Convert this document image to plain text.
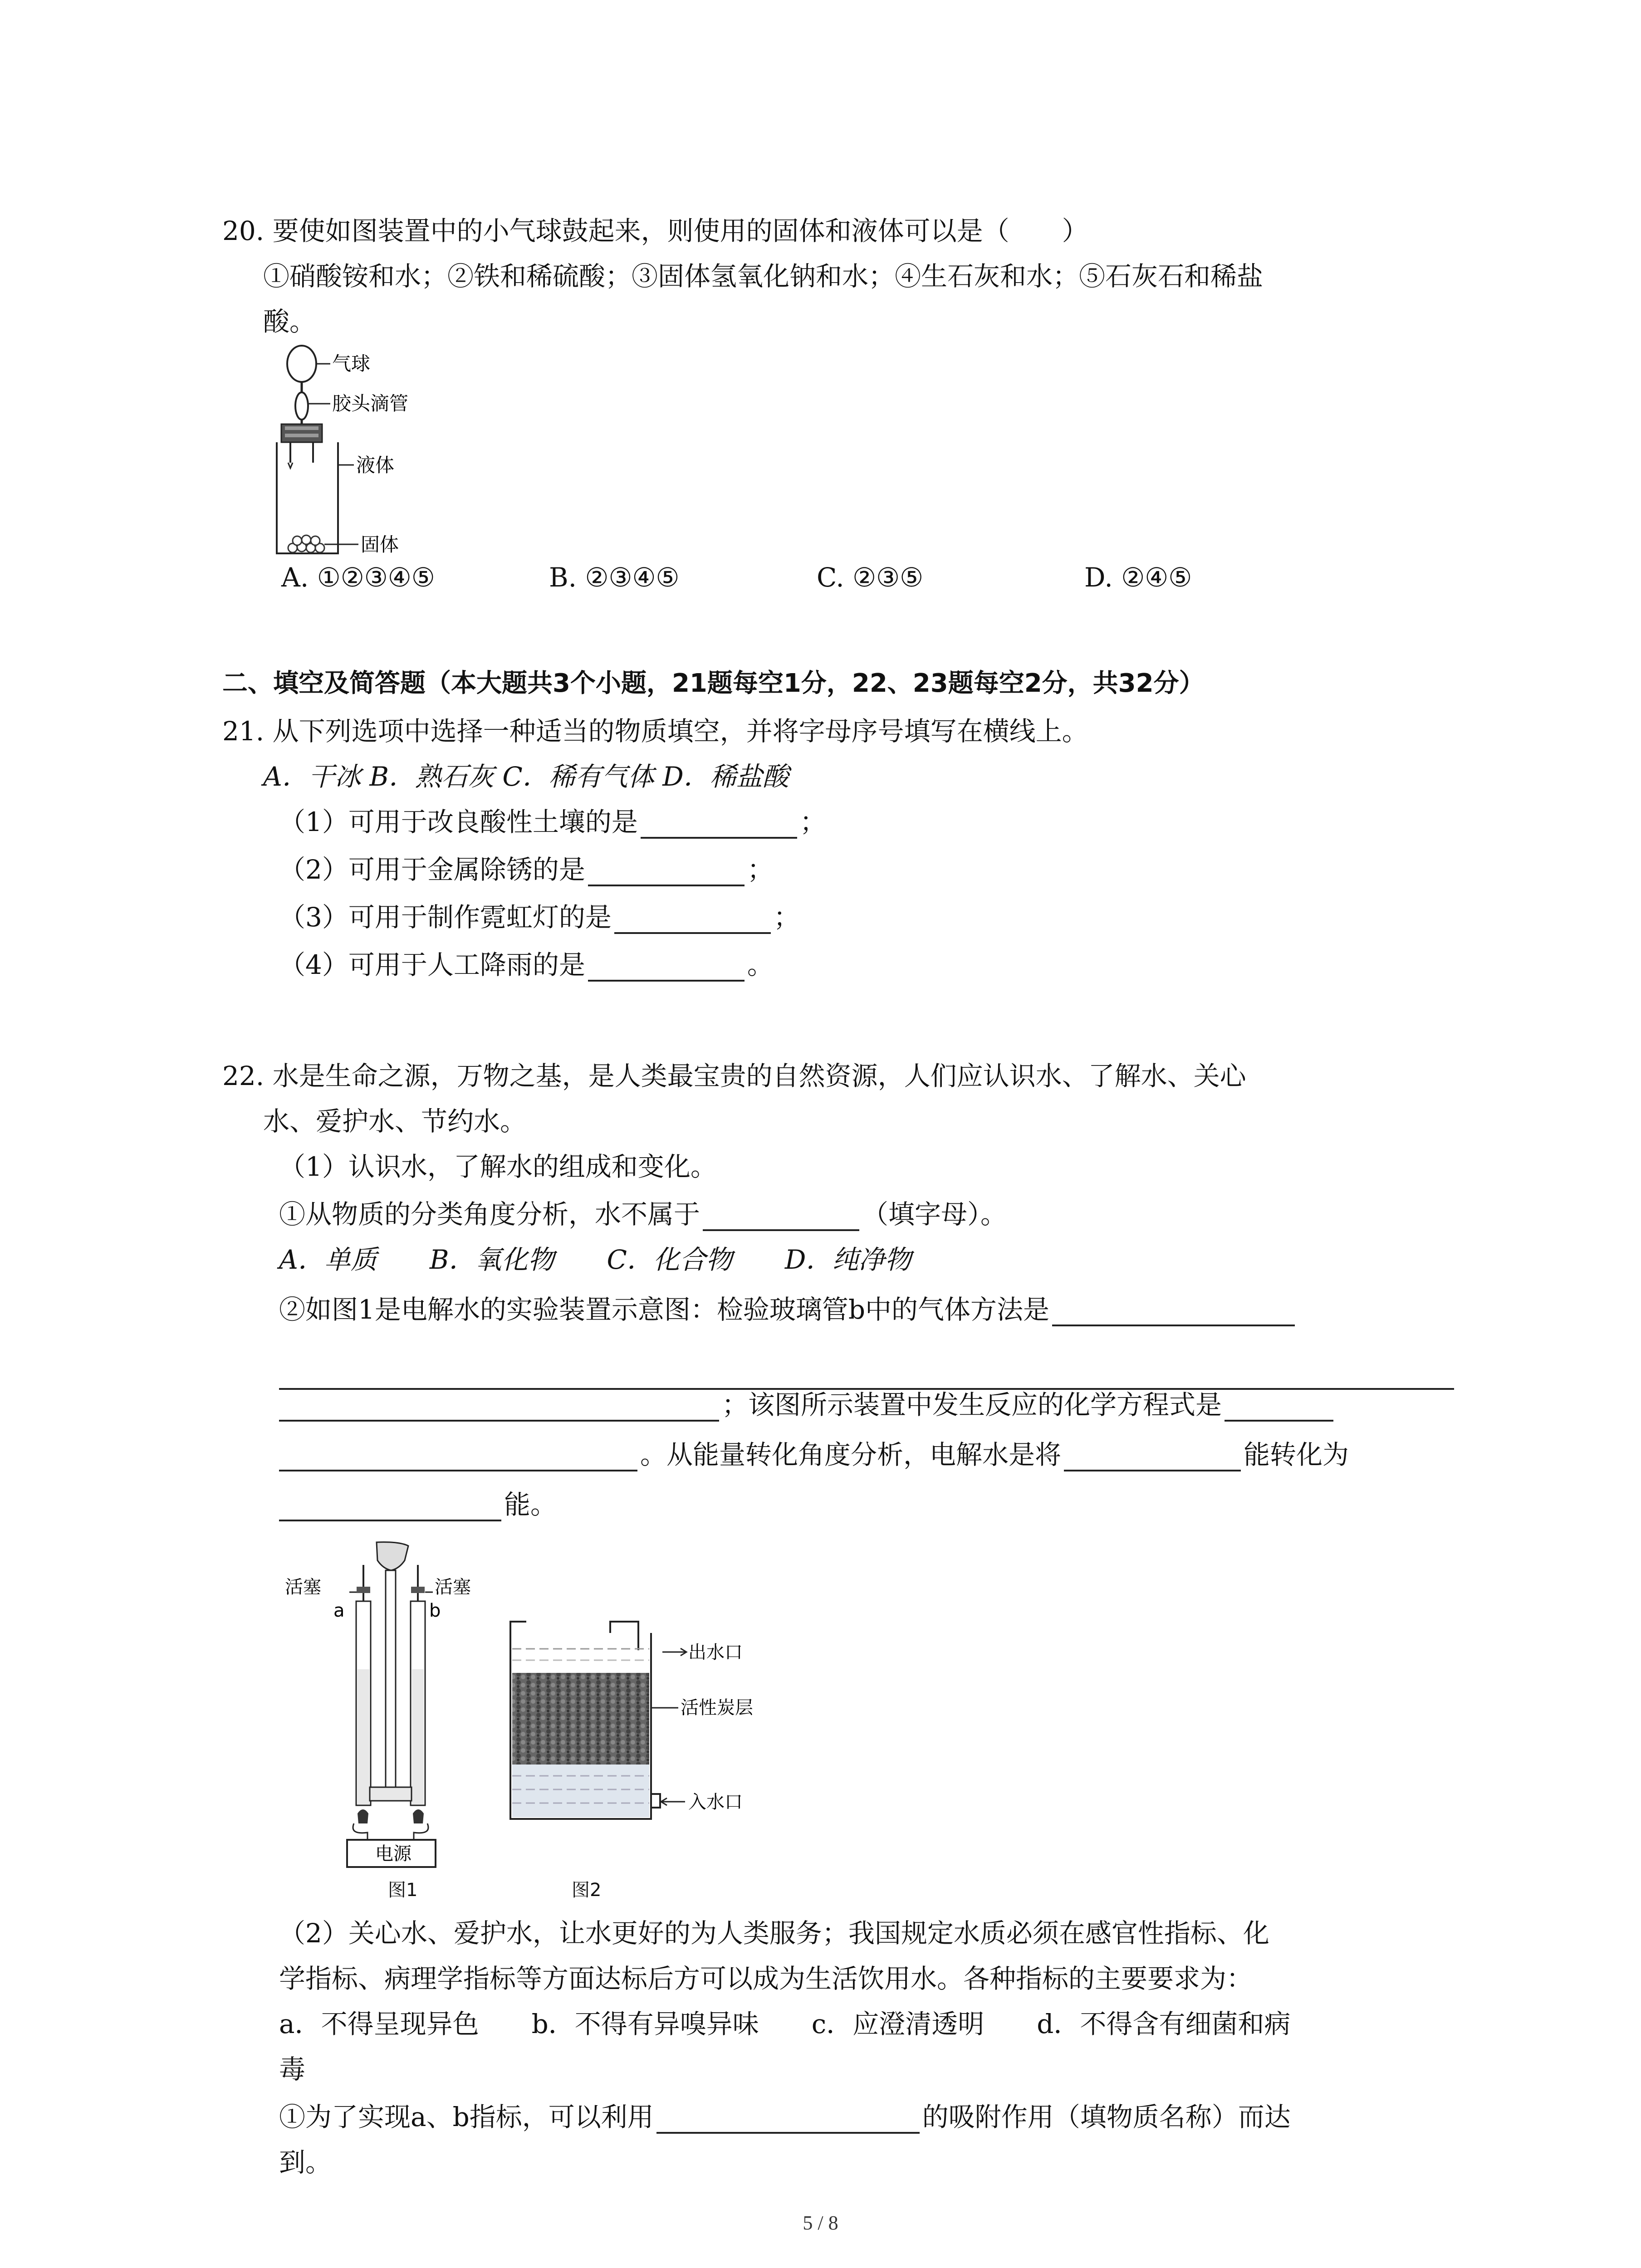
20. 要使如图装置中的小气球鼓起来，则使用的固体和液体可以是（　　）
①硝酸铵和水；②铁和稀硫酸；③固体氢氧化钠和水；④生石灰和水；⑤石灰石和稀盐
酸。
气球
胶头滴管
液体
固体
A. ①②③④⑤	B. ②③④⑤	C. ②③⑤	D. ②④⑤
二、填空及简答题（本大题共3个小题，21题每空1分，22、23题每空2分，共32分）
21. 从下列选项中选择一种适当的物质填空，并将字母序号填写在横线上。
A．干冰 B．熟石灰 C．稀有气体 D．稀盐酸
（1）可用于改良酸性土壤的是	；
（2）可用于金属除锈的是	；
（3）可用于制作霓虹灯的是	；
（4）可用于人工降雨的是	。
22. 水是生命之源，万物之基，是人类最宝贵的自然资源，人们应认识水、了解水、关心
水、爱护水、节约水。
（1）认识水，了解水的组成和变化。
①从物质的分类角度分析，水不属于	（填字母）。
A．单质　　B．氧化物　　C．化合物　　D．纯净物
②如图1是电解水的实验装置示意图：检验玻璃管b中的气体方法是
；该图所示装置中发生反应的化学方程式是
。从能量转化角度分析，电解水是将	能转化为
能。
活塞	活塞
a	b
电源
图1
出水口
活性炭层
入水口
图2
（2）关心水、爱护水，让水更好的为人类服务；我国规定水质必须在感官性指标、化
学指标、病理学指标等方面达标后方可以成为生活饮用水。各种指标的主要要求为：
a．不得呈现异色　　b．不得有异嗅异味　　c．应澄清透明　　d．不得含有细菌和病
毒
①为了实现a、b指标，可以利用	的吸附作用（填物质名称）而达
到。
5 / 8
